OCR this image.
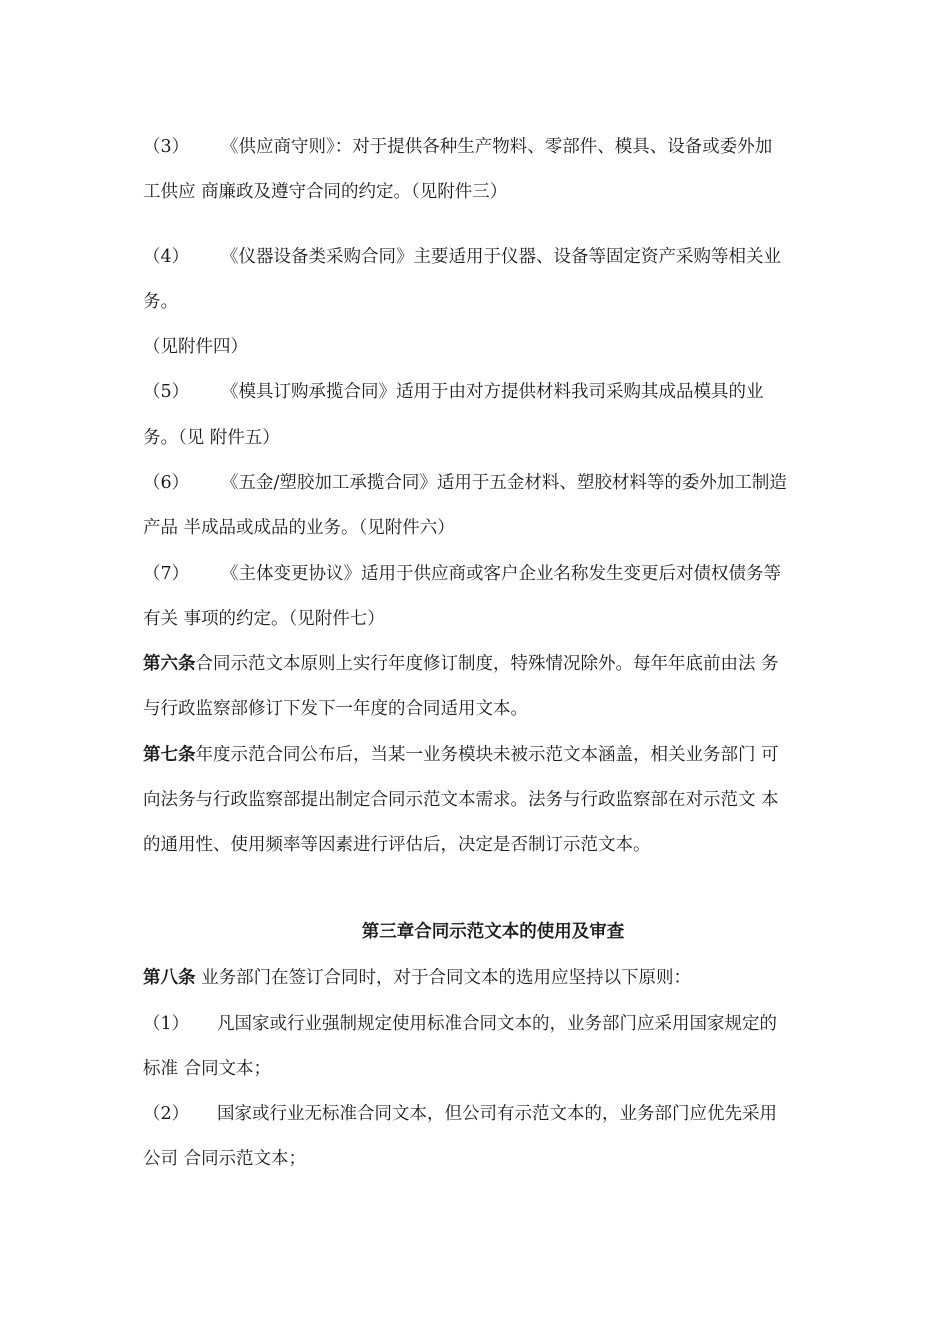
（3） 《供应商守则》：对于提供各种生产物料、零部件、模具、设备或委外加
工供应 商廉政及遵守合同的约定。（见附件三）
（4） 《仪器设备类采购合同》主要适用于仪器、设备等固定资产采购等相关业
务。
（见附件四）
（5） 《模具订购承揽合同》适用于由对方提供材料我司采购其成品模具的业
务。（见 附件五）
（6） 《五金/塑胶加工承揽合同》适用于五金材料、塑胶材料等的委外加工制造
产品 半成品或成品的业务。（见附件六）
（7） 《主体变更协议》适用于供应商或客户企业名称发生变更后对债权债务等
有关 事项的约定。（见附件七）
第六条合同示范文本原则上实行年度修订制度，特殊情况除外。每年年底前由法 务
与行政监察部修订下发下一年度的合同适用文本。
第七条年度示范合同公布后，当某一业务模块未被示范文本涵盖，相关业务部门 可
向法务与行政监察部提出制定合同示范文本需求。法务与行政监察部在对示范文 本
的通用性、使用频率等因素进行评估后，决定是否制订示范文本。
第三章合同示范文本的使用及审查
第八条 业务部门在签订合同时，对于合同文本的选用应坚持以下原则：
（1） 凡国家或行业强制规定使用标准合同文本的，业务部门应采用国家规定的
标准 合同文本；
（2） 国家或行业无标准合同文本，但公司有示范文本的，业务部门应优先采用
公司 合同示范文本；
